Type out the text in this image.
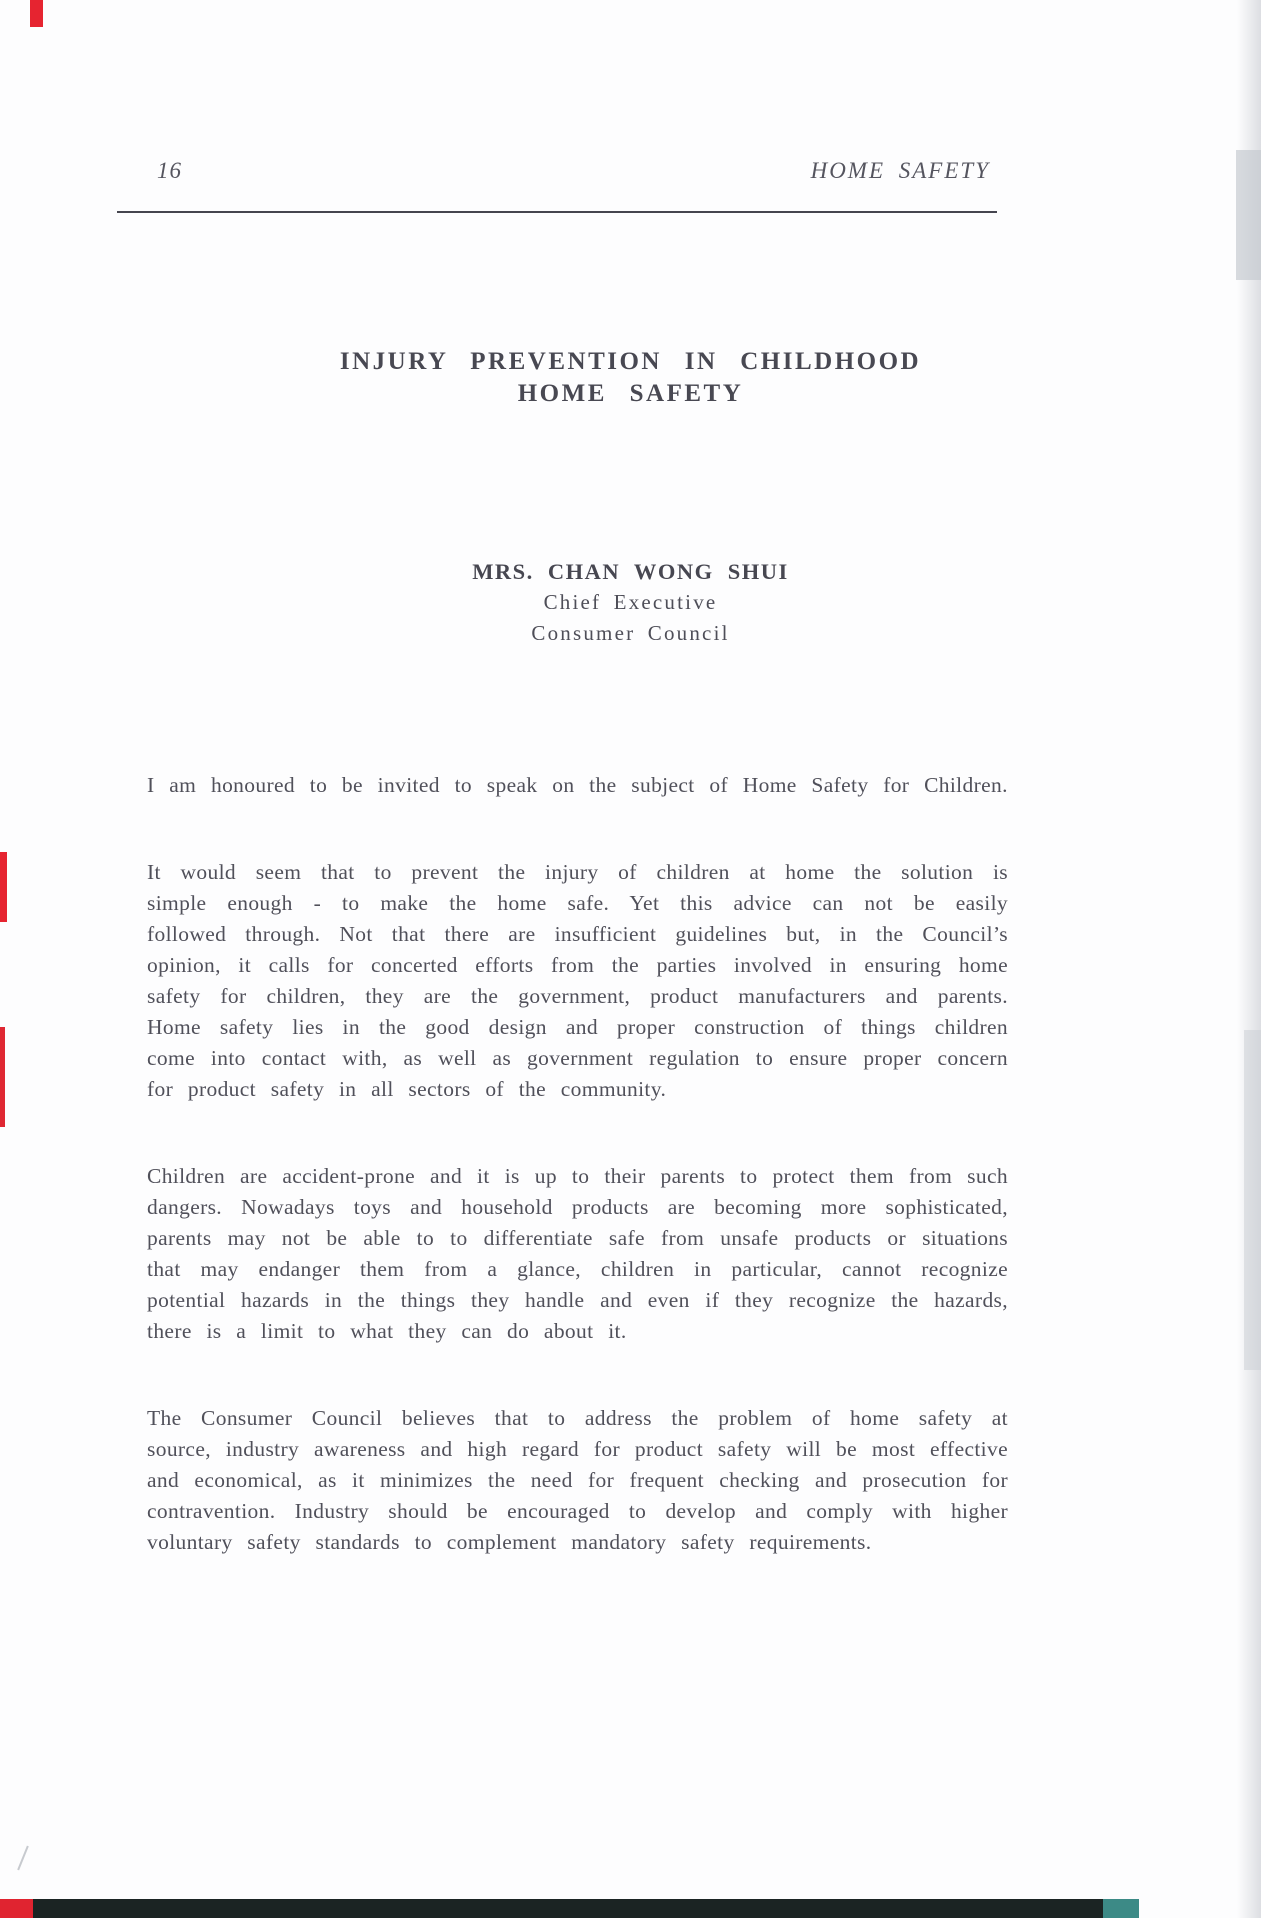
16	HOME SAFETY
INJURY PREVENTION IN CHILDHOOD
HOME SAFETY
MRS. CHAN WONG SHUI
Chief Executive
Consumer Council

I am honoured to be invited to speak on the subject of Home Safety for Children.

It would seem that to prevent the injury of children at home the solution is simple enough - to make the home safe. Yet this advice can not be easily followed through. Not that there are insufficient guidelines but, in the Council’s opinion, it calls for concerted efforts from the parties involved in ensuring home safety for children, they are the government, product manufacturers and parents. Home safety lies in the good design and proper construction of things children come into contact with, as well as government regulation to ensure proper concern for product safety in all sectors of the community.

Children are accident-prone and it is up to their parents to protect them from such dangers. Nowadays toys and household products are becoming more sophisticated, parents may not be able to to differentiate safe from unsafe products or situations that may endanger them from a glance, children in particular, cannot recognize potential hazards in the things they handle and even if they recognize the hazards, there is a limit to what they can do about it.

The Consumer Council believes that to address the problem of home safety at source, industry awareness and high regard for product safety will be most effective and economical, as it minimizes the need for frequent checking and prosecution for contravention. Industry should be encouraged to develop and comply with higher voluntary safety standards to complement mandatory safety requirements.
